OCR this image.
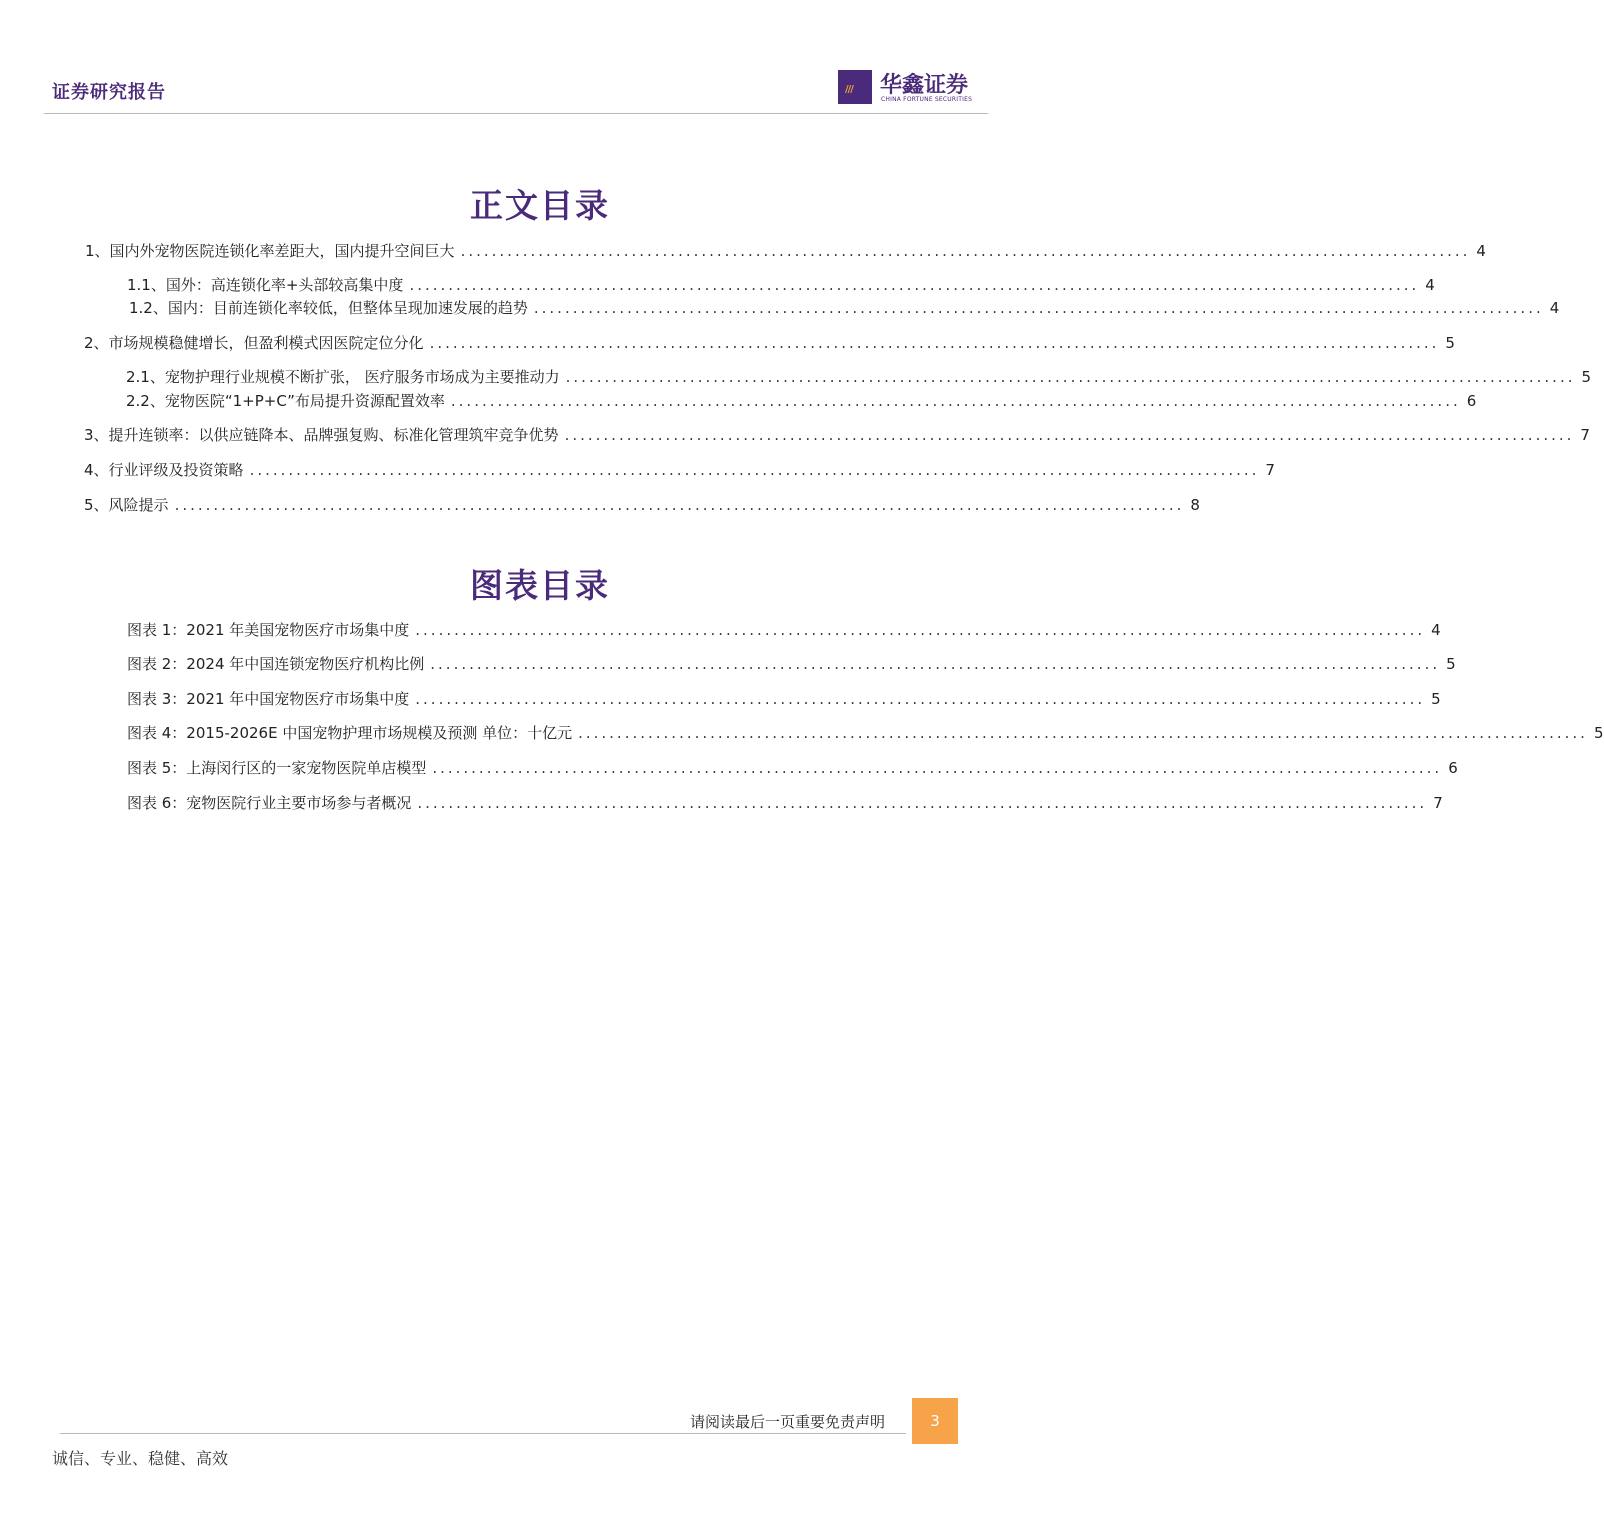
证券研究报告	/// 华鑫证券
CHINA FORTUNE SECURITIES
正文目录
1、 国内外宠物医院连锁化率差距大，国内提升空间巨大 .................................................................................................................................. 4
1.1、 国外：高连锁化率+头部较高集中度 .................................................................................................................................. 4
1.2、 国内：目前连锁化率较低，但整体呈现加速发展的趋势 .................................................................................................................................. 4
2、 市场规模稳健增长，但盈利模式因医院定位分化 .................................................................................................................................. 5
2.1、 宠物护理行业规模不断扩张， 医疗服务市场成为主要推动力 .................................................................................................................................. 5
2.2、 宠物医院“1+P+C”布局提升资源配置效率 .................................................................................................................................. 6
3、 提升连锁率：以供应链降本、品牌强复购、标准化管理筑牢竞争优势 .................................................................................................................................. 7
4、 行业评级及投资策略 .................................................................................................................................. 7
5、 风险提示 .................................................................................................................................. 8
图表目录
图表 1：2021 年美国宠物医疗市场集中度 .................................................................................................................................. 4
图表 2：2024 年中国连锁宠物医疗机构比例 .................................................................................................................................. 5
图表 3：2021 年中国宠物医疗市场集中度 .................................................................................................................................. 5
图表 4：2015-2026E 中国宠物护理市场规模及预测 单位：十亿元 .................................................................................................................................. 5
图表 5：上海闵行区的一家宠物医院单店模型 .................................................................................................................................. 6
图表 6：宠物医院行业主要市场参与者概况 .................................................................................................................................. 7
请阅读最后一页重要免责声明	3
诚信、专业、稳健、高效
